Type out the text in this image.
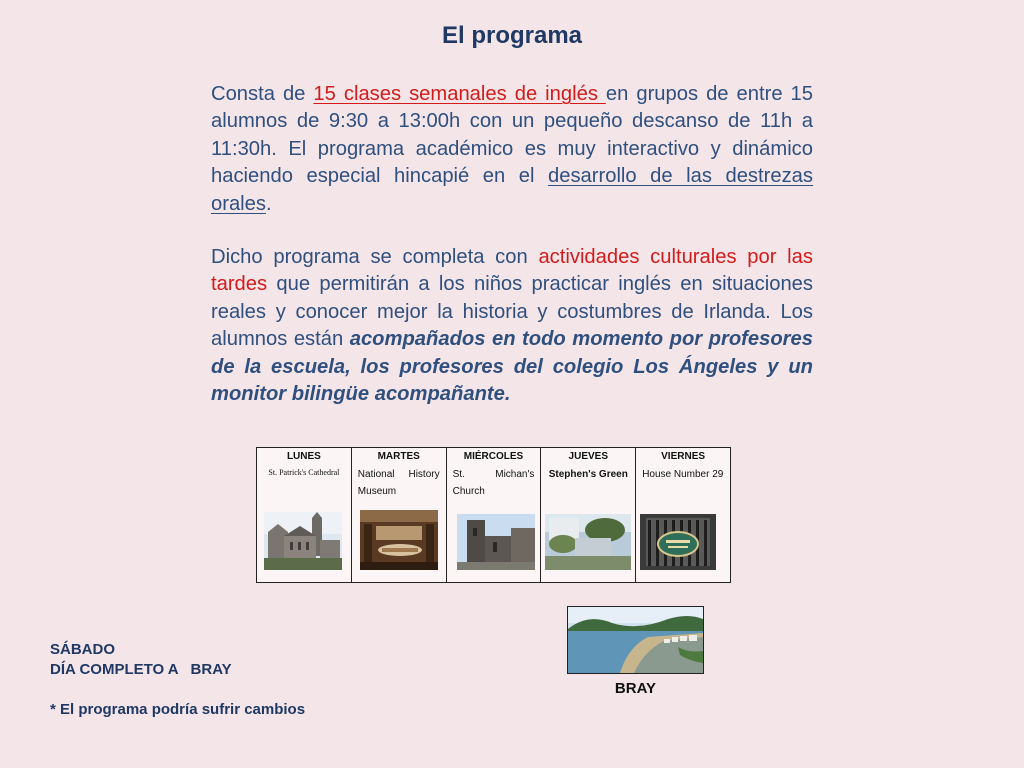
El programa

Consta de 15 clases semanales de inglés en grupos de entre 15 alumnos de 9:30 a 13:00h con un pequeño descanso de 11h a 11:30h. El programa académico es muy interactivo y dinámico haciendo especial hincapié en el desarrollo de las destrezas orales.

Dicho programa se completa con actividades culturales por las tardes que permitirán a los niños practicar inglés en situaciones reales y conocer mejor la historia y costumbres de Irlanda. Los alumnos están acompañados en todo momento por profesores de la escuela, los profesores del colegio Los Ángeles y un monitor bilingüe acompañante.

LUNES
St. Patrick's Cathedral

MARTES
National History Museum

MIÉRCOLES
St. Michan's Church

JUEVES
Stephen's Green

VIERNES
House Number 29
BRAY
SÁBADO
DÍA COMPLETO A   BRAY
* El programa podría sufrir cambios
